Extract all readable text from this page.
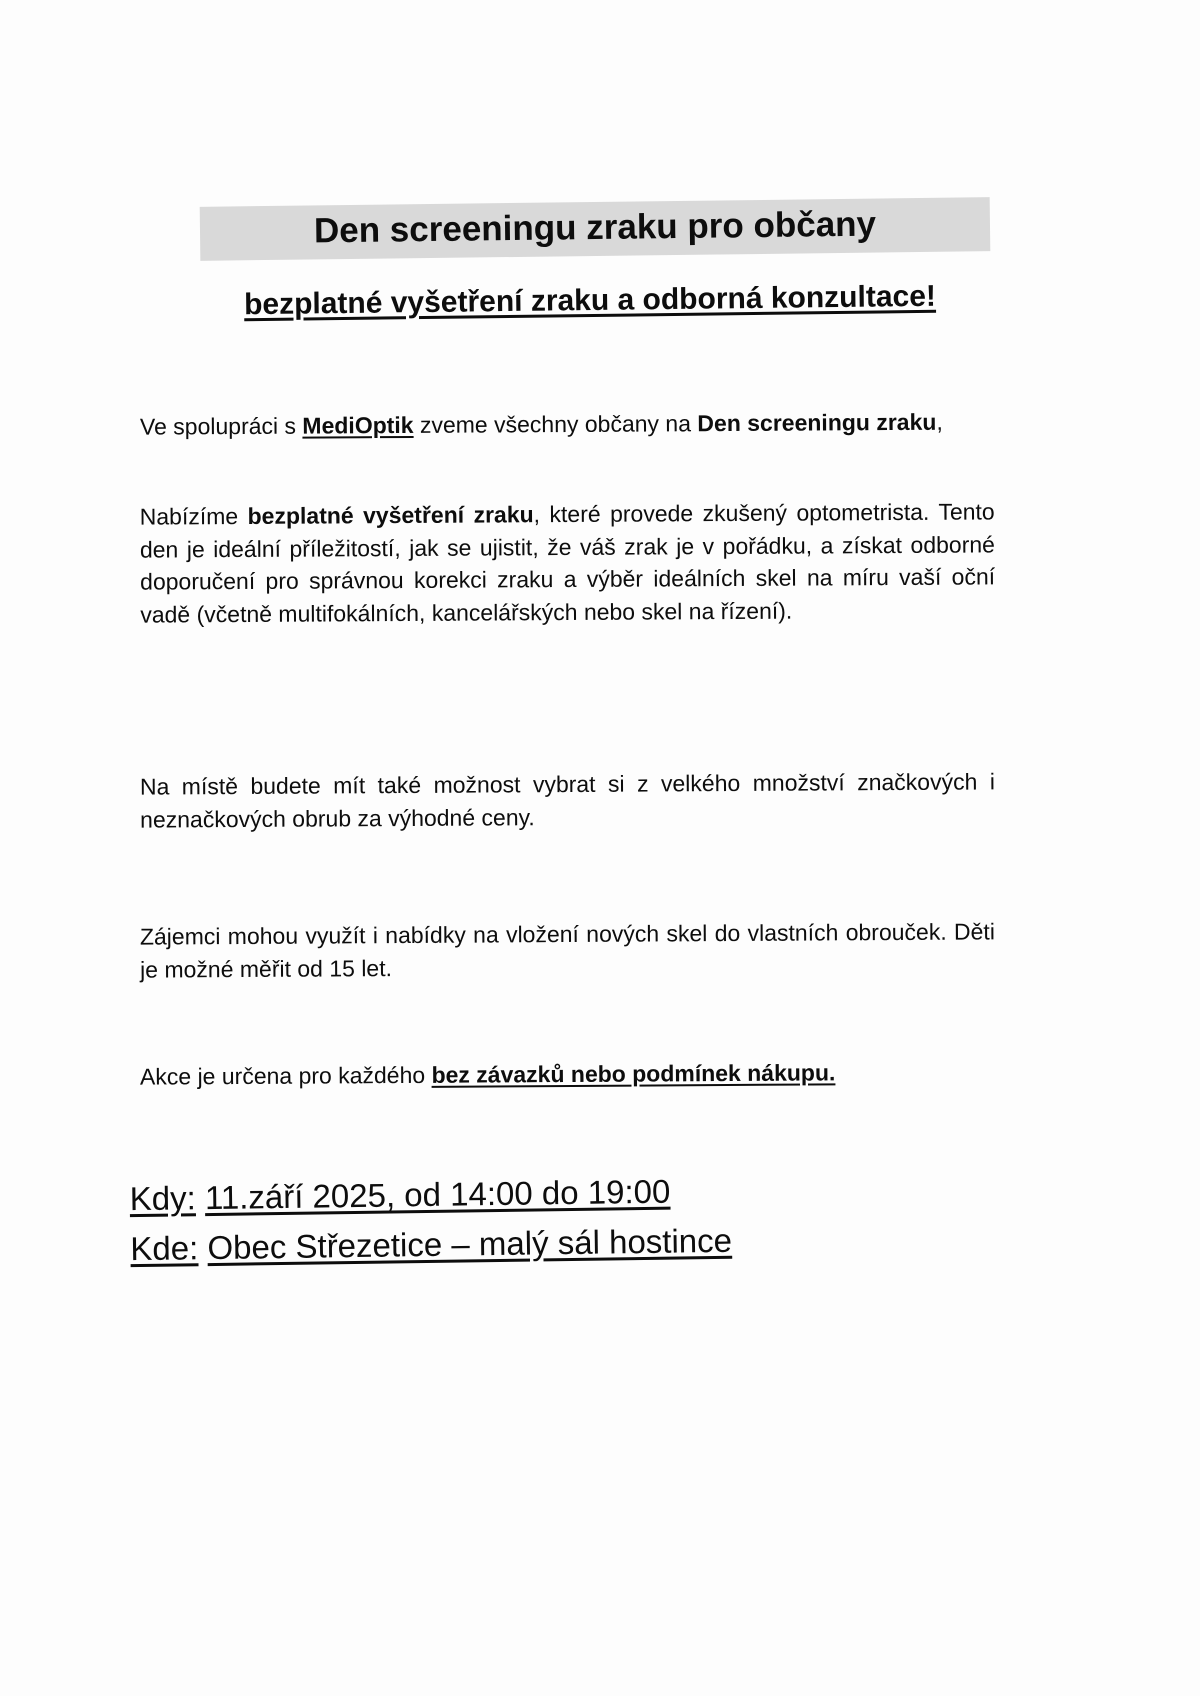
Den screeningu zraku pro občany
bezplatné vyšetření zraku a odborná konzultace!
Ve spolupráci s MediOptik zveme všechny občany na Den screeningu zraku,
Nabízíme bezplatné vyšetření zraku, které provede zkušený optometrista. Tento den je ideální příležitostí, jak se ujistit, že váš zrak je v pořádku, a získat odborné doporučení pro správnou korekci zraku a výběr ideálních skel na míru vaší oční vadě (včetně multifokálních, kancelářských nebo skel na řízení).
Na místě budete mít také možnost vybrat si z velkého množství značkových i neznačkových obrub za výhodné ceny.
Zájemci mohou využít i nabídky na vložení nových skel do vlastních obrouček. Děti je možné měřit od 15 let.
Akce je určena pro každého bez závazků nebo podmínek nákupu.
Kdy: 11.září 2025, od 14:00 do 19:00
Kde: Obec Střezetice – malý sál hostince
